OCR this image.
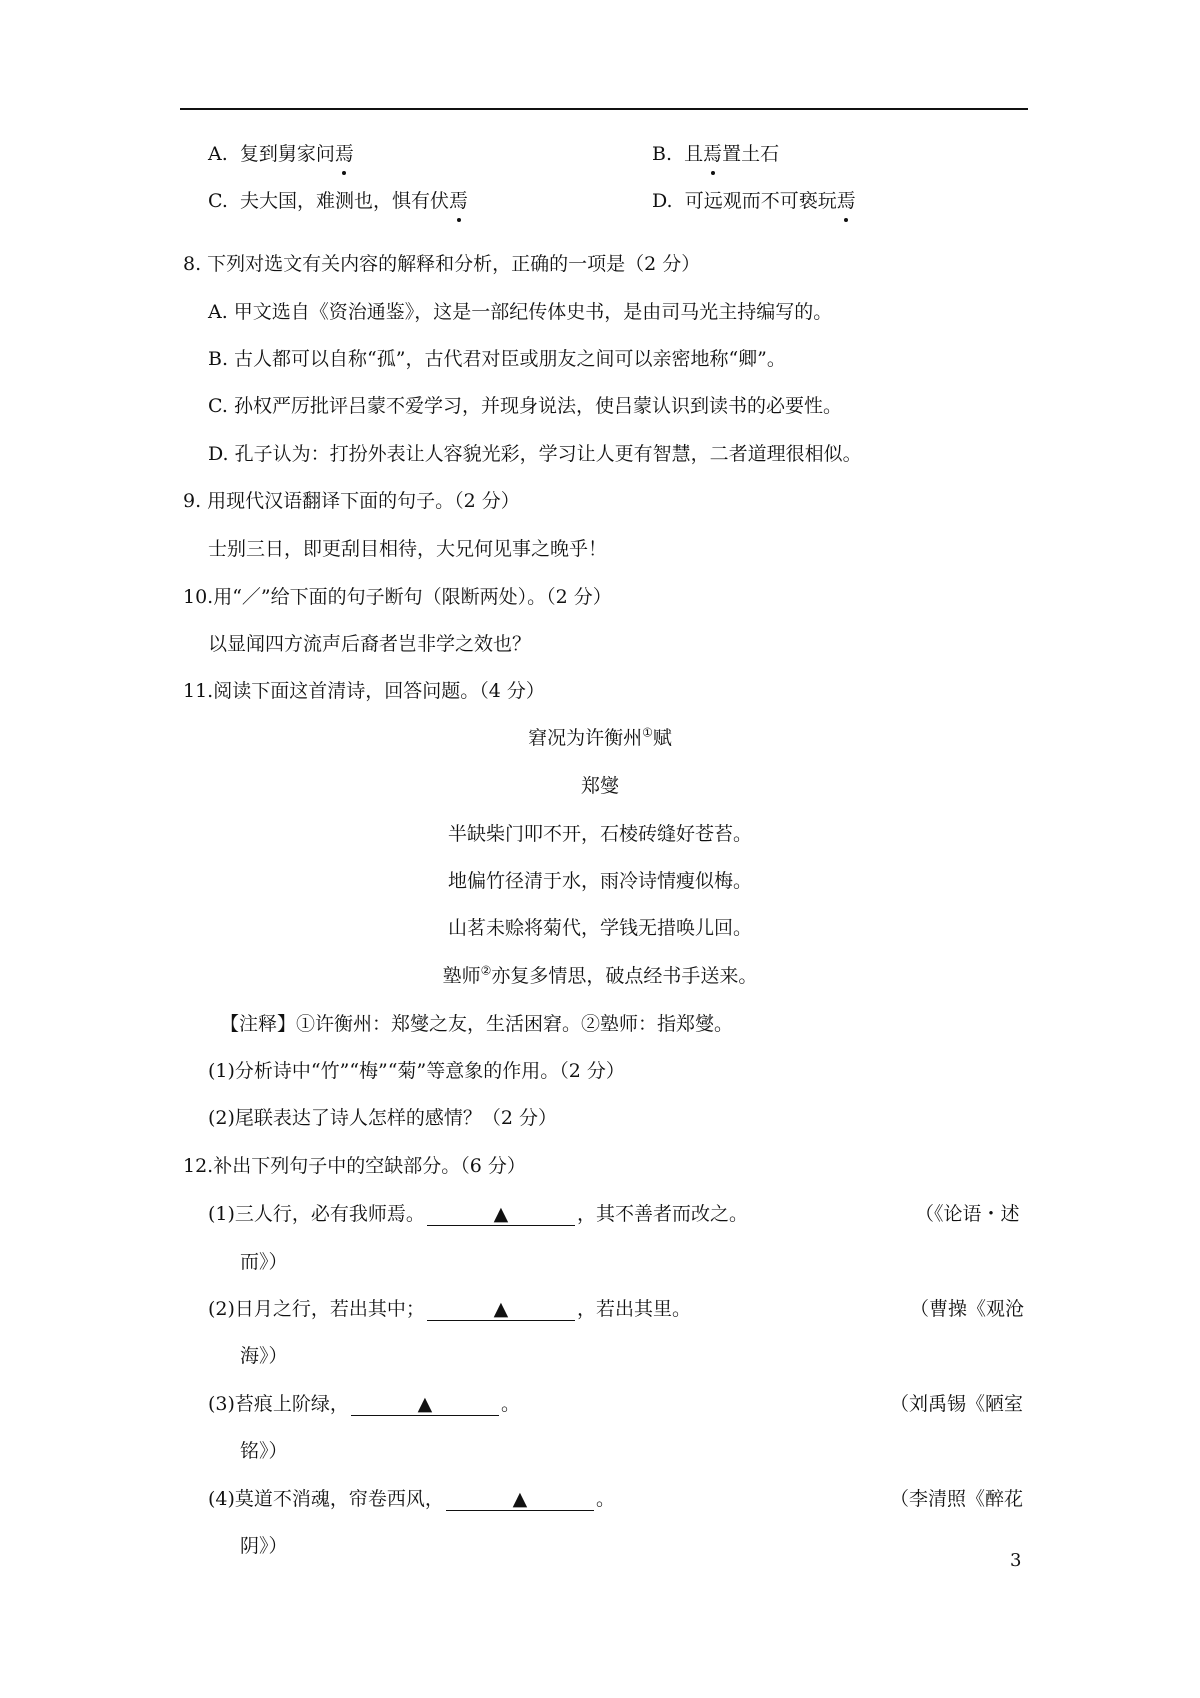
A. 复到舅家问焉	B. 且焉置土石
C. 夫大国，难测也，惧有伏焉	D. 可远观而不可亵玩焉
8. 下列对选文有关内容的解释和分析，正确的一项是（2 分）
A. 甲文选自《资治通鉴》，这是一部纪传体史书，是由司马光主持编写的。
B. 古人都可以自称“孤”，古代君对臣或朋友之间可以亲密地称“卿”。
C. 孙权严厉批评吕蒙不爱学习，并现身说法，使吕蒙认识到读书的必要性。
D. 孔子认为：打扮外表让人容貌光彩，学习让人更有智慧，二者道理很相似。
9. 用现代汉语翻译下面的句子。（2 分）
士别三日，即更刮目相待，大兄何见事之晚乎！
10.用“／”给下面的句子断句（限断两处）。（2 分）
以显闻四方流声后裔者岂非学之效也？
11.阅读下面这首清诗，回答问题。（4 分）
窘况为许衡州①赋
郑燮
半缺柴门叩不开，石棱砖缝好苍苔。
地偏竹径清于水，雨冷诗情瘦似梅。
山茗未赊将菊代，学钱无措唤儿回。
塾师②亦复多情思，破点经书手送来。
【注释】①许衡州：郑燮之友，生活困窘。②塾师：指郑燮。
(1)分析诗中“竹”“梅”“菊”等意象的作用。（2 分）
(2)尾联表达了诗人怎样的感情？（2 分）
12.补出下列句子中的空缺部分。（6 分）
(1)三人行，必有我师焉。	▲	，其不善者而改之。	（《论语・述
而》）
(2)日月之行，若出其中；	▲	，若出其里。	（曹操《观沧
海》）
(3)苔痕上阶绿，	▲	。	（刘禹锡《陋室
铭》）
(4)莫道不消魂，帘卷西风，	▲	。	（李清照《醉花
阴》）
3
